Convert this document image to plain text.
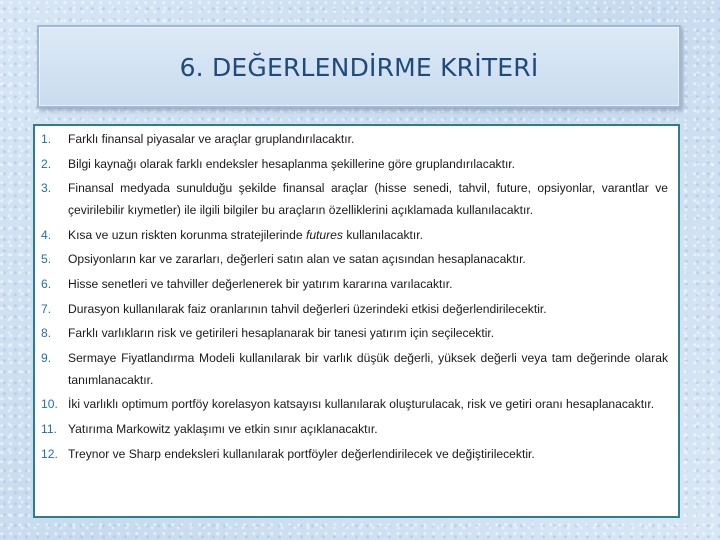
6. DEĞERLENDİRME KRİTERİ
1.	Farklı finansal piyasalar ve araçlar gruplandırılacaktır.
2.	Bilgi kaynağı olarak farklı endeksler hesaplanma şekillerine göre gruplandırılacaktır.
3.	Finansal medyada sunulduğu şekilde finansal araçlar (hisse senedi, tahvil, future, opsiyonlar, varantlar ve çevirilebilir kıymetler) ile ilgili bilgiler bu araçların özelliklerini açıklamada kullanılacaktır.
4.	Kısa ve uzun riskten korunma stratejilerinde futures kullanılacaktır.
5.	Opsiyonların kar ve zararları, değerleri satın alan ve satan açısından hesaplanacaktır.
6.	Hisse senetleri ve tahviller değerlenerek bir yatırım kararına varılacaktır.
7.	Durasyon kullanılarak faiz oranlarının tahvil değerleri üzerindeki etkisi değerlendirilecektir.
8.	Farklı varlıkların risk ve getirileri hesaplanarak bir tanesi yatırım için seçilecektir.
9.	Sermaye Fiyatlandırma Modeli kullanılarak bir varlık düşük değerli, yüksek değerli veya tam değerinde olarak tanımlanacaktır.
10. İki varlıklı optimum portföy korelasyon katsayısı kullanılarak oluşturulacak, risk ve getiri oranı hesaplanacaktır.
11. Yatırıma Markowitz yaklaşımı ve etkin sınır açıklanacaktır.
12. Treynor ve Sharp endeksleri kullanılarak portföyler değerlendirilecek ve değiştirilecektir.
